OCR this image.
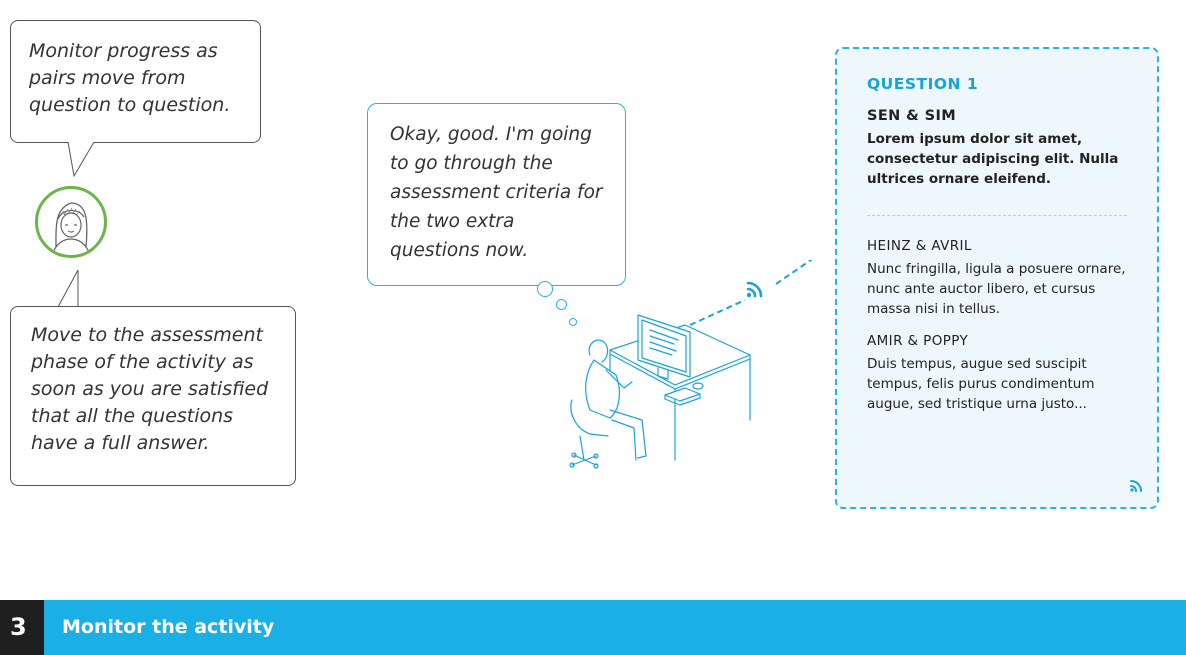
Monitor progress as pairs move from question to question.
Move to the assessment phase of the activity as soon as you are satisfied that all the questions have a full answer.
Okay, good. I'm going to go through the assessment criteria for the two extra questions now.
QUESTION 1
SEN & SIM
Lorem ipsum dolor sit amet, consectetur adipiscing elit. Nulla ultrices ornare eleifend.
HEINZ & AVRIL
Nunc fringilla, ligula a posuere ornare, nunc ante auctor libero, et cursus massa nisi in tellus.
AMIR & POPPY
Duis tempus, augue sed suscipit tempus, felis purus condimentum augue, sed tristique urna justo...
3 Monitor the activity
